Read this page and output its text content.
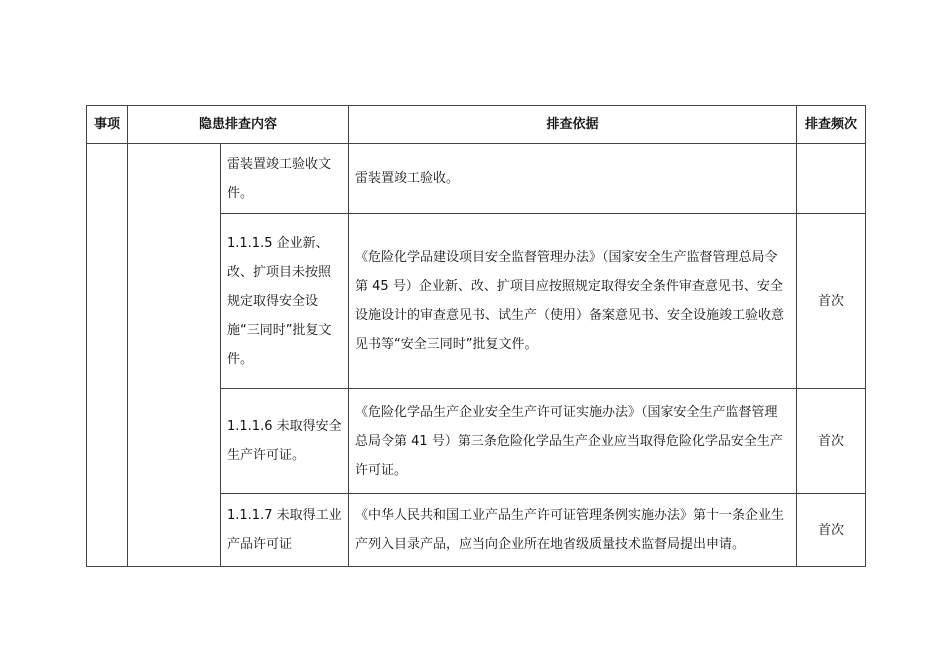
事项	隐患排查内容		排查依据	排查频次
		雷装置竣工验收文件。	雷装置竣工验收。	
		1.1.1.5 企业新、改、扩项目未按照规定取得安全设施“三同时”批复文件。	《危险化学品建设项目安全监督管理办法》（国家安全生产监督管理总局令第 45 号）企业新、改、扩项目应按照规定取得安全条件审查意见书、安全设施设计的审查意见书、试生产（使用）备案意见书、安全设施竣工验收意见书等“安全三同时”批复文件。	首次
		1.1.1.6 未取得安全生产许可证。	《危险化学品生产企业安全生产许可证实施办法》（国家安全生产监督管理总局令第 41 号）第三条危险化学品生产企业应当取得危险化学品安全生产许可证。	首次
		1.1.1.7 未取得工业产品许可证	《中华人民共和国工业产品生产许可证管理条例实施办法》第十一条企业生产列入目录产品，应当向企业所在地省级质量技术监督局提出申请。	首次
